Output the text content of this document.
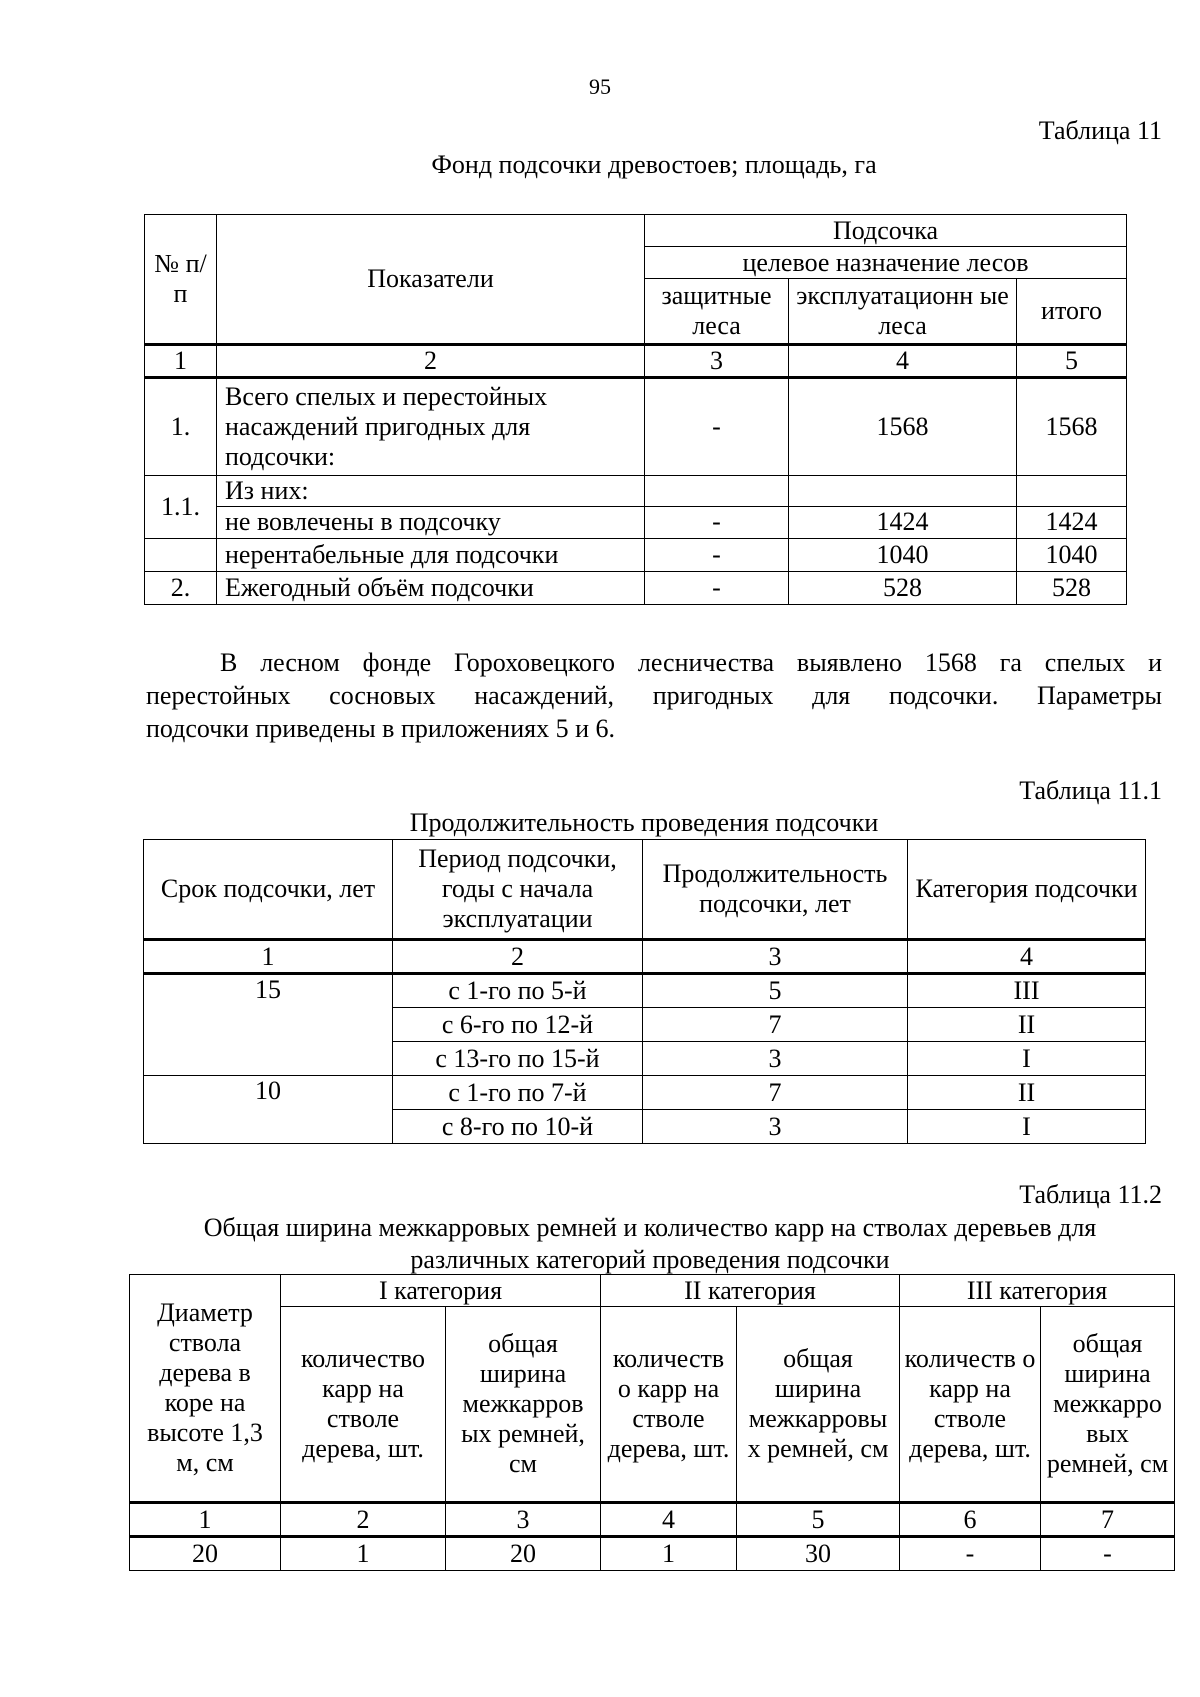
95
Таблица 11
Фонд подсочки древостоев; площадь, га
№ п/п	Показатели	Подсочка		
		целевое назначение лесов		
		защитные леса	эксплуатационн ые леса	итого
1	2	3	4	5
1.	Всего спелых и перестойных насаждений пригодных для подсочки:	-	1568	1568
1.1.	Из них:			
	не вовлечены в подсочку	-	1424	1424
	нерентабельные для подсочки	-	1040	1040
2.	Ежегодный объём подсочки	-	528	528

В лесном фонде Гороховецкого лесничества выявлено 1568 га спелых и

перестойных сосновых насаждений, пригодных для подсочки. Параметры

подсочки приведены в приложениях 5 и 6.

Таблица 11.1
Продолжительность проведения подсочки
Срок подсочки, лет	Период подсочки, годы с начала эксплуатации	Продолжительность подсочки, лет	Категория подсочки
1	2	3	4
15	с 1-го по 5-й	5	III
	с 6-го по 12-й	7	II
	с 13-го по 15-й	3	I
10	с 1-го по 7-й	7	II
	с 8-го по 10-й	3	I
Таблица 11.2
Общая ширина межкарровых ремней и количество карр на стволах деревьев для
различных категорий проведения подсочки
Диаметр ствола дерева в коре на высоте 1,3 м, см	I категория		II категория		III категория	
	количество карр на стволе дерева, шт.	общая ширина межкарров ых ремней, см	количеств о карр на стволе дерева, шт.	общая ширина межкарровы х ремней, см	количеств о карр на стволе дерева, шт.	общая ширина межкарро вых ремней, см
1	2	3	4	5	6	7
20	1	20	1	30	-	-
